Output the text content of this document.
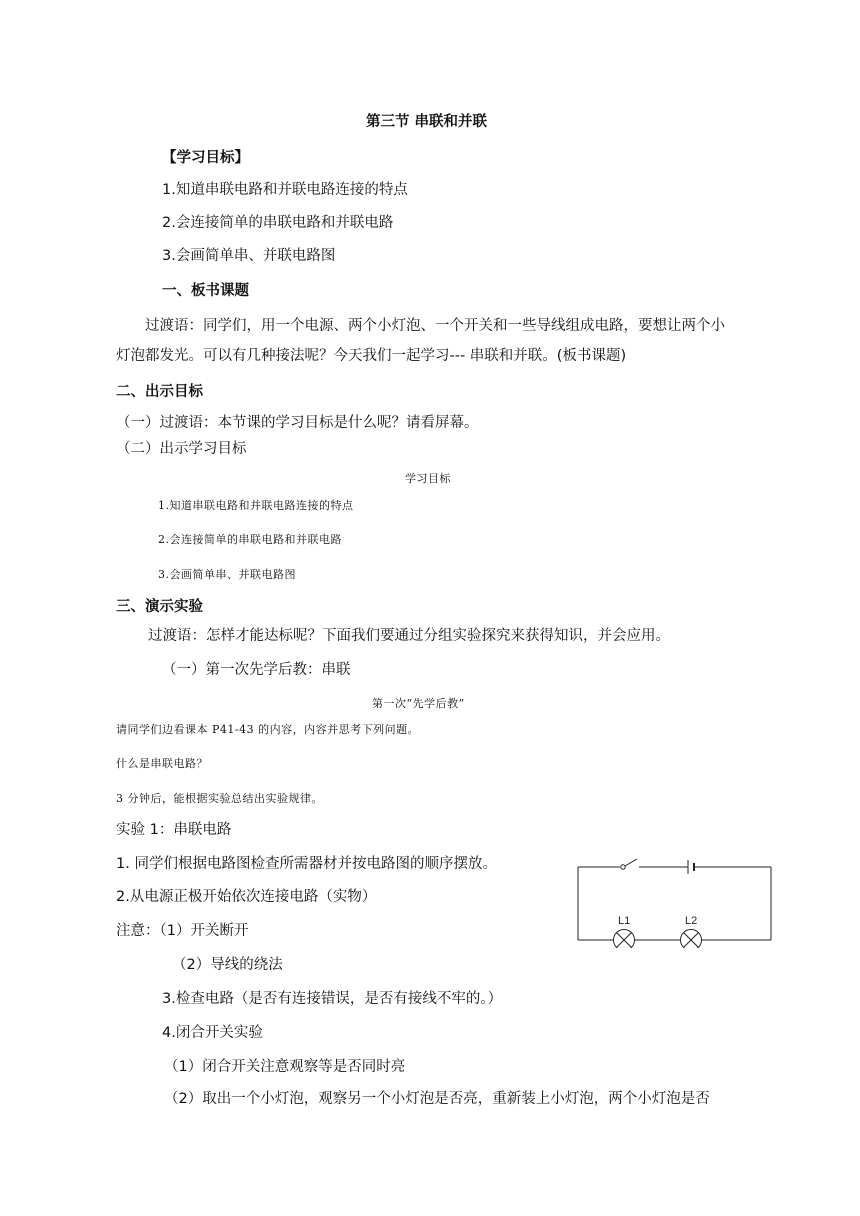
第三节 串联和并联
【学习目标】
1.知道串联电路和并联电路连接的特点
2.会连接简单的串联电路和并联电路
3.会画简单串、并联电路图
一、板书课题
过渡语：同学们，用一个电源、两个小灯泡、一个开关和一些导线组成电路，要想让两个小灯泡都发光。可以有几种接法呢？今天我们一起学习--- 串联和并联。(板书课题)
二、出示目标
（一）过渡语：本节课的学习目标是什么呢？请看屏幕。
（二）出示学习目标
学习目标
1.知道串联电路和并联电路连接的特点
2.会连接简单的串联电路和并联电路
3.会画简单串、并联电路图
三、演示实验
过渡语：怎样才能达标呢？下面我们要通过分组实验探究来获得知识，并会应用。
（一）第一次先学后教：串联
第一次“先学后教”
请同学们边看课本 P41-43 的内容，内容并思考下列问题。
什么是串联电路？
3 分钟后，能根据实验总结出实验规律。
实验 1：串联电路
1. 同学们根据电路图检查所需器材并按电路图的顺序摆放。
2.从电源正极开始依次连接电路（实物）
注意：（1）开关断开
（2）导线的绕法
3.检查电路（是否有连接错误，是否有接线不牢的。）
4.闭合开关实验
（1）闭合开关注意观察等是否同时亮
（2）取出一个小灯泡，观察另一个小灯泡是否亮，重新装上小灯泡，两个小灯泡是否
L1	L2
